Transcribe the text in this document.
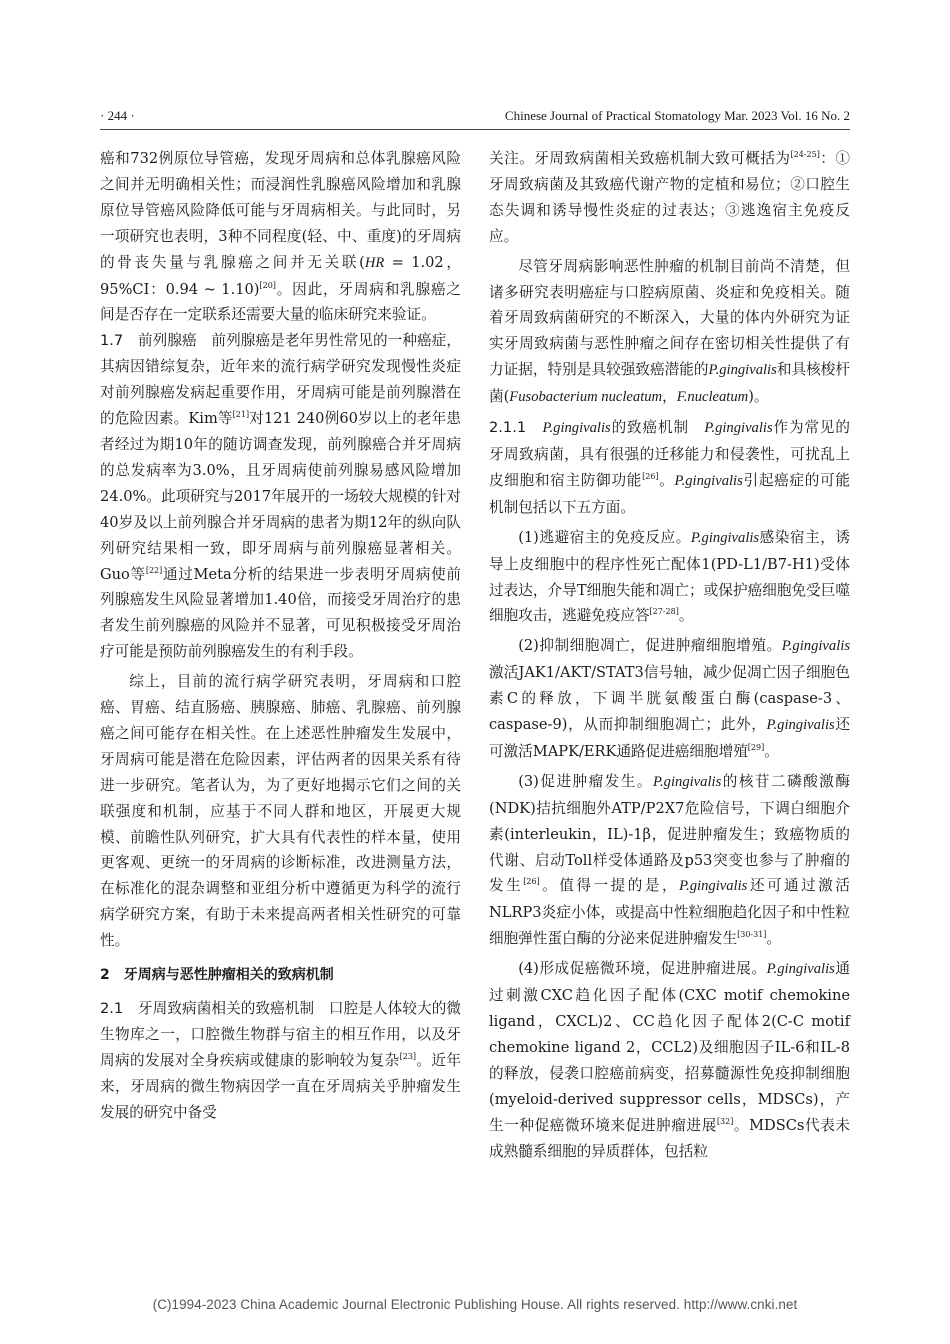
· 244 ·	Chinese Journal of Practical Stomatology Mar. 2023 Vol. 16 No. 2

癌和732例原位导管癌，发现牙周病和总体乳腺癌风险之间并无明确相关性；而浸润性乳腺癌风险增加和乳腺原位导管癌风险降低可能与牙周病相关。与此同时，另一项研究也表明，3种不同程度(轻、中、重度)的牙周病的骨丧失量与乳腺癌之间并无关联(HR = 1.02，95%CI：0.94 ~ 1.10)[20]。因此，牙周病和乳腺癌之间是否存在一定联系还需要大量的临床研究来验证。

1.7　前列腺癌　前列腺癌是老年男性常见的一种癌症，其病因错综复杂，近年来的流行病学研究发现慢性炎症对前列腺癌发病起重要作用，牙周病可能是前列腺潜在的危险因素。Kim等[21]对121 240例60岁以上的老年患者经过为期10年的随访调查发现，前列腺癌合并牙周病的总发病率为3.0%，且牙周病使前列腺易感风险增加24.0%。此项研究与2017年展开的一场较大规模的针对40岁及以上前列腺合并牙周病的患者为期12年的纵向队列研究结果相一致，即牙周病与前列腺癌显著相关。Guo等[22]通过Meta分析的结果进一步表明牙周病使前列腺癌发生风险显著增加1.40倍，而接受牙周治疗的患者发生前列腺癌的风险并不显著，可见积极接受牙周治疗可能是预防前列腺癌发生的有利手段。

综上，目前的流行病学研究表明，牙周病和口腔癌、胃癌、结直肠癌、胰腺癌、肺癌、乳腺癌、前列腺癌之间可能存在相关性。在上述恶性肿瘤发生发展中，牙周病可能是潜在危险因素，评估两者的因果关系有待进一步研究。笔者认为，为了更好地揭示它们之间的关联强度和机制，应基于不同人群和地区，开展更大规模、前瞻性队列研究，扩大具有代表性的样本量，使用更客观、更统一的牙周病的诊断标准，改进测量方法，在标准化的混杂调整和亚组分析中遵循更为科学的流行病学研究方案，有助于未来提高两者相关性研究的可靠性。

2　牙周病与恶性肿瘤相关的致病机制

2.1　牙周致病菌相关的致癌机制　口腔是人体较大的微生物库之一，口腔微生物群与宿主的相互作用，以及牙周病的发展对全身疾病或健康的影响较为复杂[23]。近年来，牙周病的微生物病因学一直在牙周病关乎肿瘤发生发展的研究中备受

关注。牙周致病菌相关致癌机制大致可概括为[24-25]：①牙周致病菌及其致癌代谢产物的定植和易位；②口腔生态失调和诱导慢性炎症的过表达；③逃逸宿主免疫反应。

尽管牙周病影响恶性肿瘤的机制目前尚不清楚，但诸多研究表明癌症与口腔病原菌、炎症和免疫相关。随着牙周致病菌研究的不断深入，大量的体内外研究为证实牙周致病菌与恶性肿瘤之间存在密切相关性提供了有力证据，特别是具较强致癌潜能的P.gingivalis和具核梭杆菌(Fusobacterium nucleatum，F.nucleatum)。

2.1.1　P.gingivalis的致癌机制　 P.gingivalis作为常见的牙周致病菌，具有很强的迁移能力和侵袭性，可扰乱上皮细胞和宿主防御功能[26]。P.gingivalis引起癌症的可能机制包括以下五方面。

(1)逃避宿主的免疫反应。P.gingivalis感染宿主，诱导上皮细胞中的程序性死亡配体1(PD-L1/B7-H1)受体过表达，介导T细胞失能和凋亡；或保护癌细胞免受巨噬细胞攻击，逃避免疫应答[27-28]。

(2)抑制细胞凋亡，促进肿瘤细胞增殖。P.gingivalis激活JAK1/AKT/STAT3信号轴，减少促凋亡因子细胞色素C的释放，下调半胱氨酸蛋白酶(caspase-3、caspase-9)，从而抑制细胞凋亡；此外，P.gingivalis还可激活MAPK/ERK通路促进癌细胞增殖[29]。

(3)促进肿瘤发生。P.gingivalis的核苷二磷酸激酶(NDK)拮抗细胞外ATP/P2X7危险信号，下调白细胞介素(interleukin，IL)-1β，促进肿瘤发生；致癌物质的代谢、启动Toll样受体通路及p53突变也参与了肿瘤的发生[26]。值得一提的是，P.gingivalis还可通过激活NLRP3炎症小体，或提高中性粒细胞趋化因子和中性粒细胞弹性蛋白酶的分泌来促进肿瘤发生[30-31]。

(4)形成促癌微环境，促进肿瘤进展。P.gingivalis通过刺激CXC趋化因子配体(CXC motif chemokine ligand，CXCL)2、CC趋化因子配体2(C-C motif chemokine ligand 2，CCL2)及细胞因子IL-6和IL-8的释放，侵袭口腔癌前病变，招募髓源性免疫抑制细胞(myeloid-derived suppressor cells，MDSCs)，产生一种促癌微环境来促进肿瘤进展[32]。MDSCs代表未成熟髓系细胞的异质群体，包括粒

(C)1994-2023 China Academic Journal Electronic Publishing House. All rights reserved. http://www.cnki.net
